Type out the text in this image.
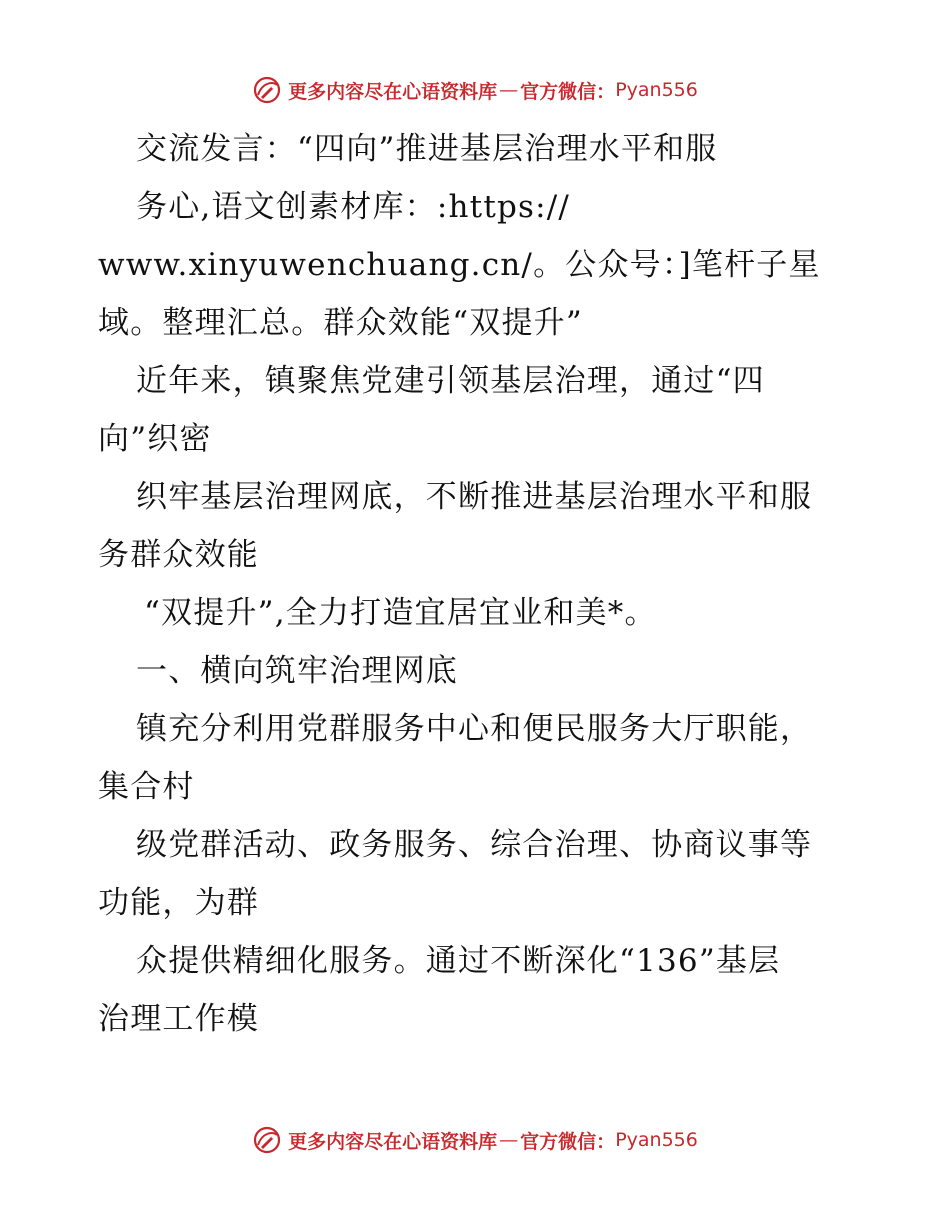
更多内容尽在心语资料库 — 官方微信： Pyan556
交流发言：“四向”推进基层治理水平和服
务心,语文创素材库：:https://
www.xinyuwenchuang.cn/。公众号：]笔杆子星
域。整理汇总。群众效能“双提升”
近年来，镇聚焦党建引领基层治理，通过“四
向”织密
织牢基层治理网底，不断推进基层治理水平和服
务群众效能
“双提升”,全力打造宜居宜业和美*。
一、横向筑牢治理网底
镇充分利用党群服务中心和便民服务大厅职能，
集合村
级党群活动、政务服务、综合治理、协商议事等
功能，为群
众提供精细化服务。通过不断深化“136”基层
治理工作模
更多内容尽在心语资料库 — 官方微信： Pyan556
